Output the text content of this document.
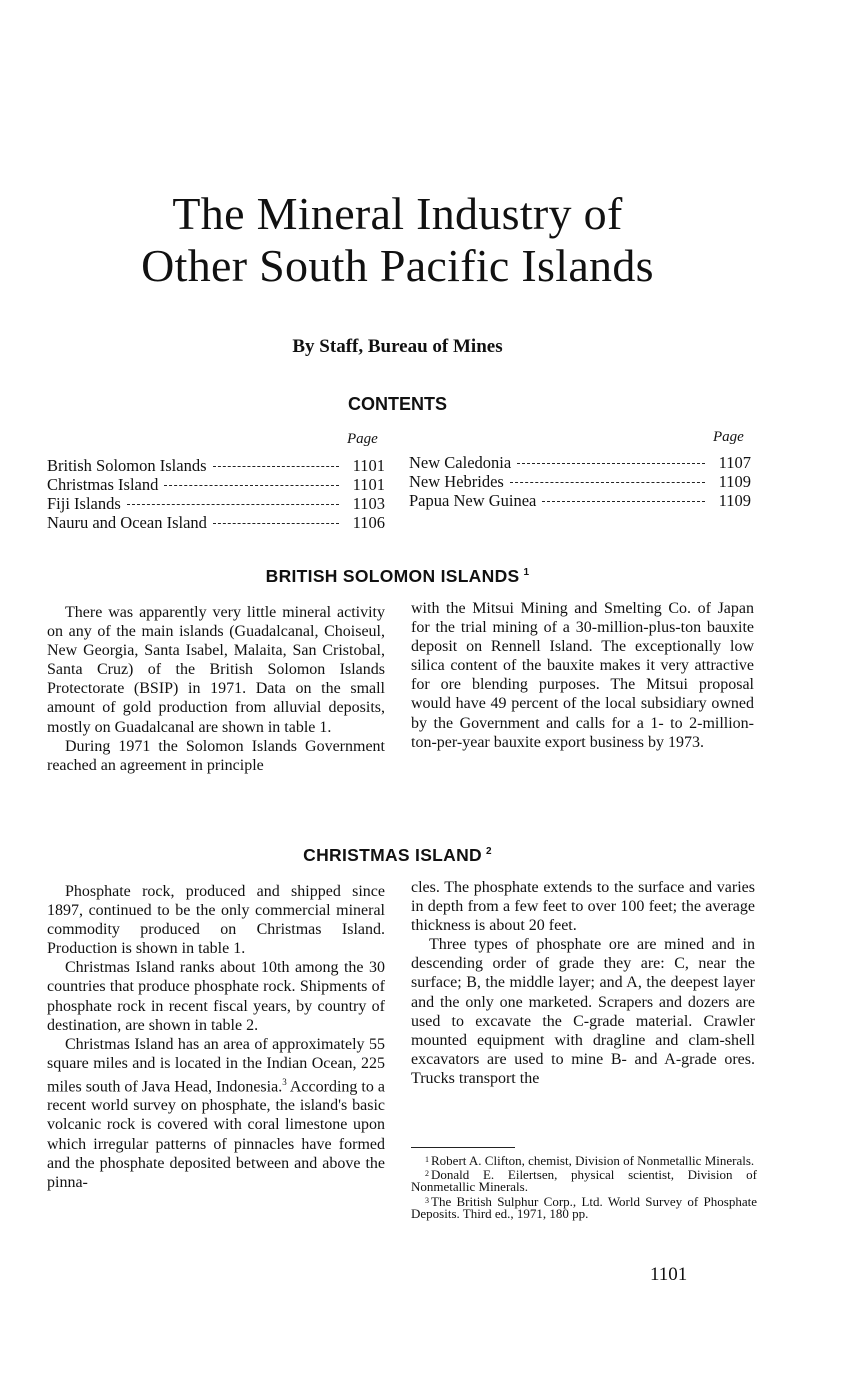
The Mineral Industry of
Other South Pacific Islands
By Staff, Bureau of Mines
CONTENTS
Page	Page
British Solomon Islands	1101
Christmas Island	1101
Fiji Islands	1103
Nauru and Ocean Island	1106
New Caledonia	1107
New Hebrides	1109
Papua New Guinea	1109
BRITISH SOLOMON ISLANDS $^1$

There was apparently very little mineral activity on any of the main islands (Guadalcanal, Choiseul, New Georgia, Santa Isabel, Malaita, San Cristobal, Santa Cruz) of the British Solomon Islands Protectorate (BSIP) in 1971. Data on the small amount of gold production from alluvial deposits, mostly on Guadalcanal are shown in table 1.

During 1971 the Solomon Islands Government reached an agreement in principle

with the Mitsui Mining and Smelting Co. of Japan for the trial mining of a 30-million-plus-ton bauxite deposit on Rennell Island. The exceptionally low silica content of the bauxite makes it very attractive for ore blending purposes. The Mitsui proposal would have 49 percent of the local subsidiary owned by the Government and calls for a 1- to 2-million-ton-per-year bauxite export business by 1973.

CHRISTMAS ISLAND $^2$

Phosphate rock, produced and shipped since 1897, continued to be the only commercial mineral commodity produced on Christmas Island. Production is shown in table 1.

Christmas Island ranks about 10th among the 30 countries that produce phosphate rock. Shipments of phosphate rock in recent fiscal years, by country of destination, are shown in table 2.

Christmas Island has an area of approximately 55 square miles and is located in the Indian Ocean, 225 miles south of Java Head, Indonesia.$^3$ According to a recent world survey on phosphate, the island's basic volcanic rock is covered with coral limestone upon which irregular patterns of pinnacles have formed and the phosphate deposited between and above the pinna-

cles. The phosphate extends to the surface and varies in depth from a few feet to over 100 feet; the average thickness is about 20 feet.

Three types of phosphate ore are mined and in descending order of grade they are: C, near the surface; B, the middle layer; and A, the deepest layer and the only one marketed. Scrapers and dozers are used to excavate the C-grade material. Crawler mounted equipment with dragline and clam-shell excavators are used to mine B- and A-grade ores. Trucks transport the

$^1$ Robert A. Clifton, chemist, Division of Nonmetallic Minerals.

$^2$ Donald E. Eilertsen, physical scientist, Division of Nonmetallic Minerals.

$^3$ The British Sulphur Corp., Ltd. World Survey of Phosphate Deposits. Third ed., 1971, 180 pp.

1101
